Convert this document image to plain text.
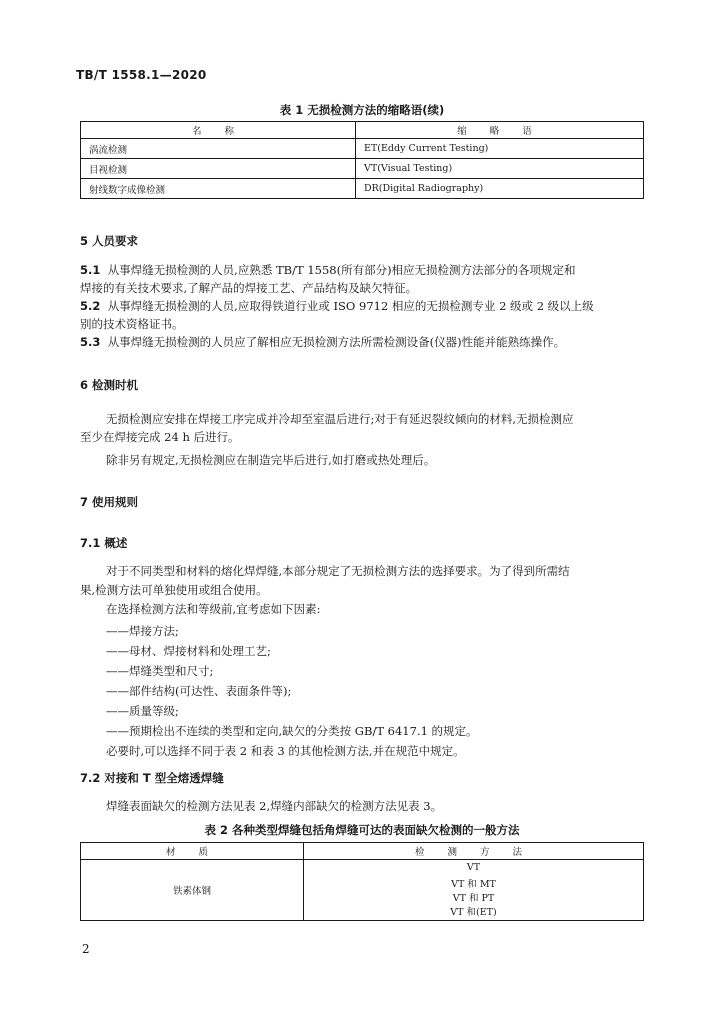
TB/T 1558.1—2020
表 1 无损检测方法的缩略语(续)
名 称	缩 略 语
涡流检测	ET(Eddy Current Testing)
目视检测	VT(Visual Testing)
射线数字成像检测	DR(Digital Radiography)
5 人员要求
5.1 从事焊缝无损检测的人员,应熟悉 TB/T 1558(所有部分)相应无损检测方法部分的各项规定和
焊接的有关技术要求,了解产品的焊接工艺、产品结构及缺欠特征。
5.2 从事焊缝无损检测的人员,应取得铁道行业或 ISO 9712 相应的无损检测专业 2 级或 2 级以上级
别的技术资格证书。
5.3 从事焊缝无损检测的人员应了解相应无损检测方法所需检测设备(仪器)性能并能熟练操作。
6 检测时机
无损检测应安排在焊接工序完成并冷却至室温后进行;对于有延迟裂纹倾向的材料,无损检测应
至少在焊接完成 24 h 后进行。
除非另有规定,无损检测应在制造完毕后进行,如打磨或热处理后。
7 使用规则
7.1 概述
对于不同类型和材料的熔化焊焊缝,本部分规定了无损检测方法的选择要求。为了得到所需结
果,检测方法可单独使用或组合使用。
在选择检测方法和等级前,宜考虑如下因素:
——焊接方法;
——母材、焊接材料和处理工艺;
——焊缝类型和尺寸;
——部件结构(可达性、表面条件等);
——质量等级;
——预期检出不连续的类型和定向,缺欠的分类按 GB/T 6417.1 的规定。
必要时,可以选择不同于表 2 和表 3 的其他检测方法,并在规范中规定。
7.2 对接和 T 型全熔透焊缝
焊缝表面缺欠的检测方法见表 2,焊缝内部缺欠的检测方法见表 3。
表 2 各种类型焊缝包括角焊缝可达的表面缺欠检测的一般方法
材 质	检 测 方 法
铁素体钢	VT
VT 和 MT
VT 和 PT
VT 和(ET)
2
